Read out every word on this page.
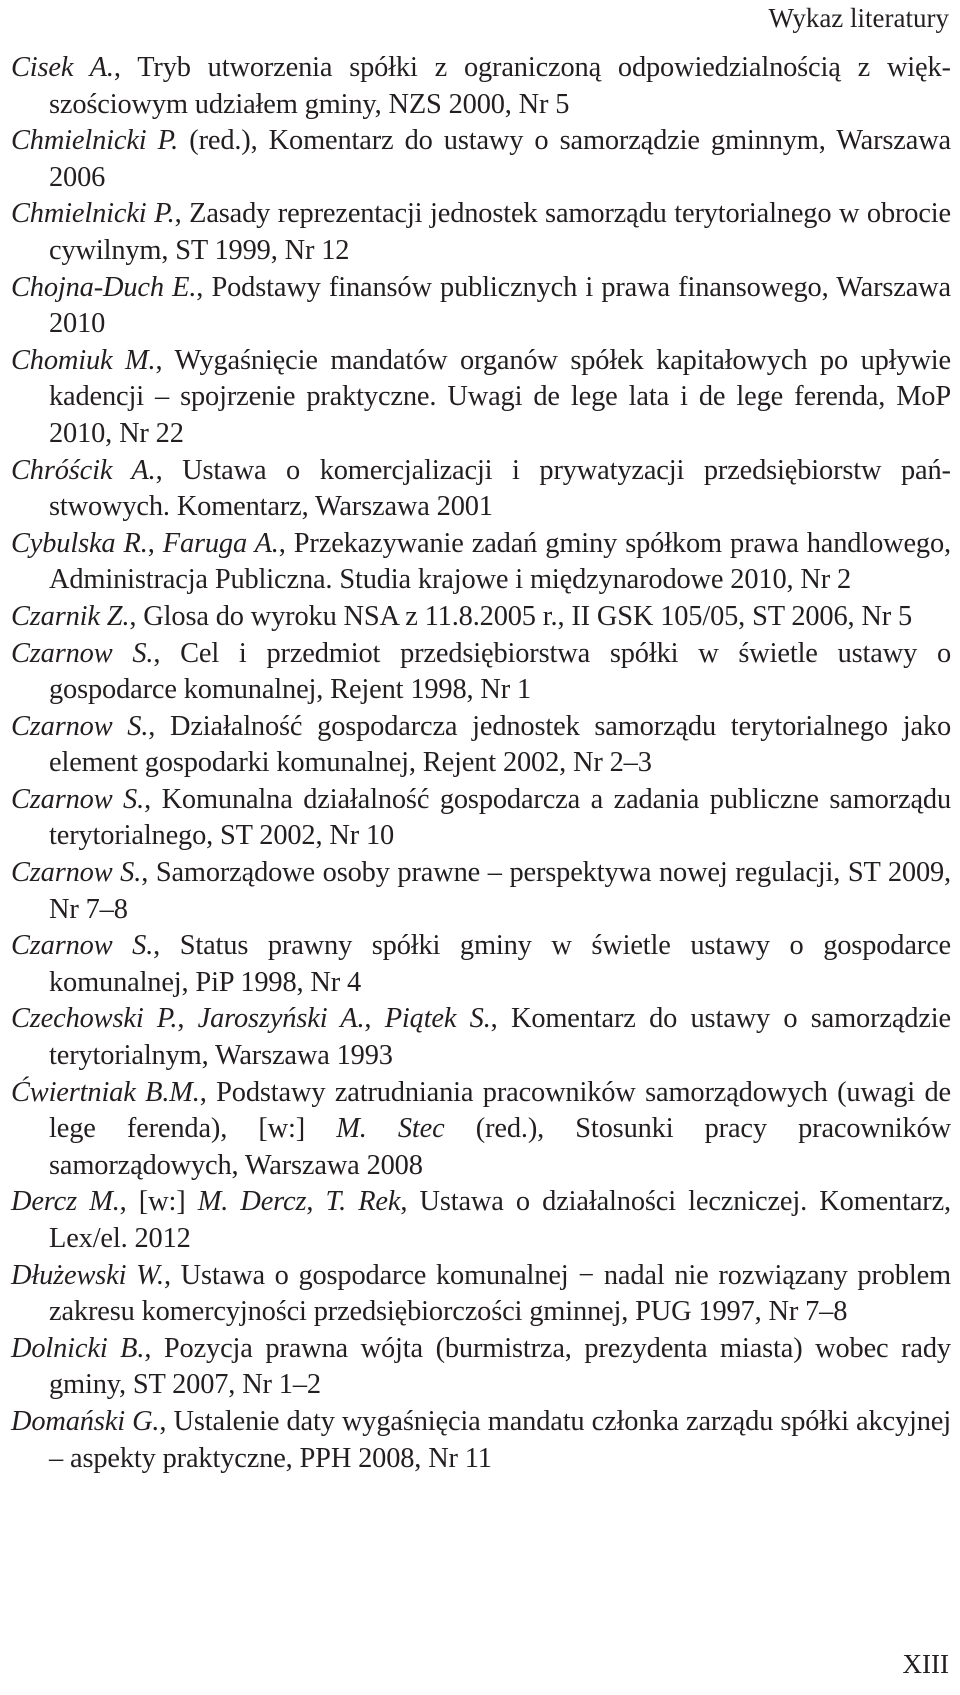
Wykaz literatury
Cisek A., Tryb utworzenia spółki z ograniczoną odpowiedzialnością z większościowym udziałem gminy, NZS 2000, Nr 5
Chmielnicki P. (red.), Komentarz do ustawy o samorządzie gminnym, Warszawa 2006
Chmielnicki P., Zasady reprezentacji jednostek samorządu terytorialnego w obrocie cywilnym, ST 1999, Nr 12
Chojna-Duch E., Podstawy finansów publicznych i prawa finansowego, Warszawa 2010
Chomiuk M., Wygaśnięcie mandatów organów spółek kapitałowych po upływie kadencji – spojrzenie praktyczne. Uwagi de lege lata i de lege ferenda, MoP 2010, Nr 22
Chróścik A., Ustawa o komercjalizacji i prywatyzacji przedsiębiorstw państwowych. Komentarz, Warszawa 2001
Cybulska R., Faruga A., Przekazywanie zadań gminy spółkom prawa handlowego, Administracja Publiczna. Studia krajowe i międzynarodowe 2010, Nr 2
Czarnik Z., Glosa do wyroku NSA z 11.8.2005 r., II GSK 105/05, ST 2006, Nr 5
Czarnow S., Cel i przedmiot przedsiębiorstwa spółki w świetle ustawy o gospodarce komunalnej, Rejent 1998, Nr 1
Czarnow S., Działalność gospodarcza jednostek samorządu terytorialnego jako element gospodarki komunalnej, Rejent 2002, Nr 2–3
Czarnow S., Komunalna działalność gospodarcza a zadania publiczne samorządu terytorialnego, ST 2002, Nr 10
Czarnow S., Samorządowe osoby prawne – perspektywa nowej regulacji, ST 2009, Nr 7–8
Czarnow S., Status prawny spółki gminy w świetle ustawy o gospodarce komunalnej, PiP 1998, Nr 4
Czechowski P., Jaroszyński A., Piątek S., Komentarz do ustawy o samorządzie terytorialnym, Warszawa 1993
Ćwiertniak B.M., Podstawy zatrudniania pracowników samorządowych (uwagi de lege ferenda), [w:] M. Stec (red.), Stosunki pracy pracowników samorządowych, Warszawa 2008
Dercz M., [w:] M. Dercz, T. Rek, Ustawa o działalności leczniczej. Komentarz, Lex/el. 2012
Dłużewski W., Ustawa o gospodarce komunalnej − nadal nie rozwiązany problem zakresu komercyjności przedsiębiorczości gminnej, PUG 1997, Nr 7–8
Dolnicki B., Pozycja prawna wójta (burmistrza, prezydenta miasta) wobec rady gminy, ST 2007, Nr 1–2
Domański G., Ustalenie daty wygaśnięcia mandatu członka zarządu spółki akcyjnej – aspekty praktyczne, PPH 2008, Nr 11
XIII
